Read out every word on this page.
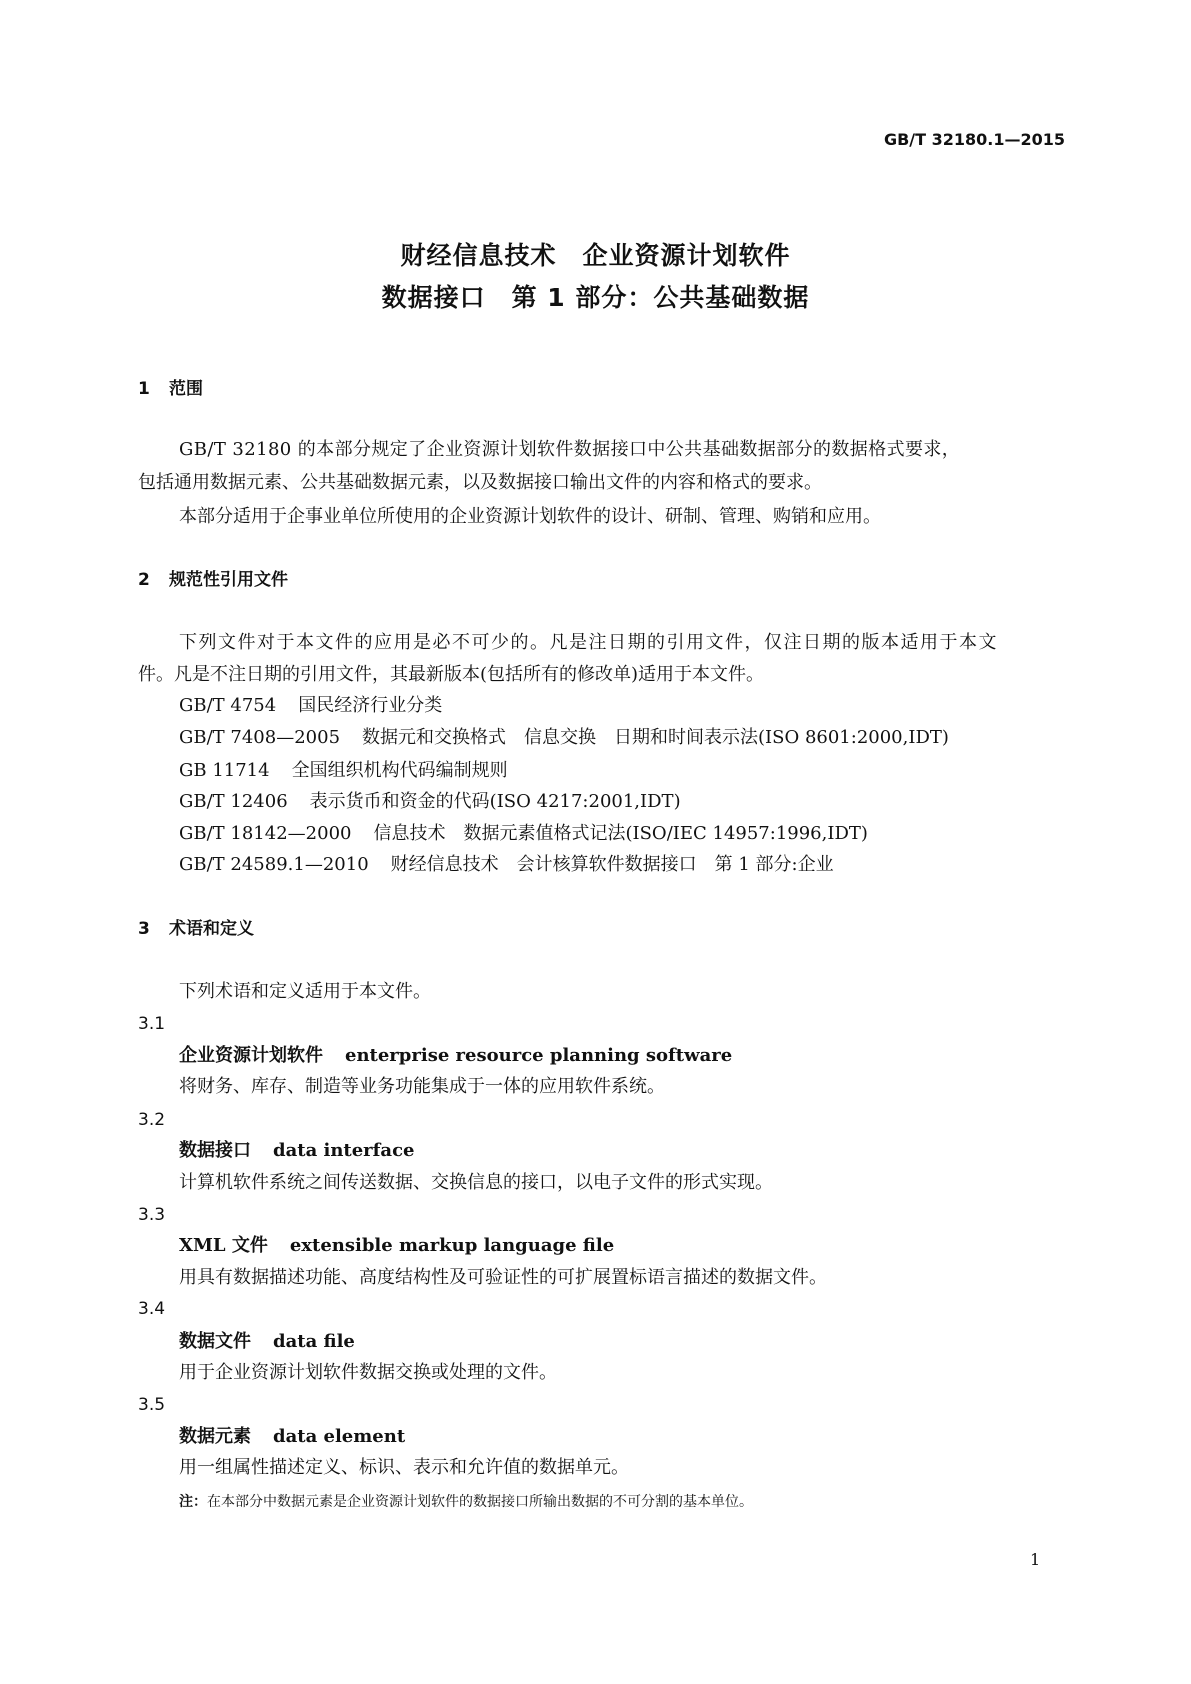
GB/T 32180.1—2015
财经信息技术　企业资源计划软件
数据接口　第 1 部分：公共基础数据
1 范围
GB/T 32180 的本部分规定了企业资源计划软件数据接口中公共基础数据部分的数据格式要求，
包括通用数据元素、公共基础数据元素，以及数据接口输出文件的内容和格式的要求。
本部分适用于企事业单位所使用的企业资源计划软件的设计、研制、管理、购销和应用。
2 规范性引用文件
下列文件对于本文件的应用是必不可少的。凡是注日期的引用文件，仅注日期的版本适用于本文
件。凡是不注日期的引用文件，其最新版本(包括所有的修改单)适用于本文件。
GB/T 4754 国民经济行业分类
GB/T 7408—2005 数据元和交换格式　信息交换　日期和时间表示法(ISO 8601:2000,IDT)
GB 11714 全国组织机构代码编制规则
GB/T 12406 表示货币和资金的代码(ISO 4217:2001,IDT)
GB/T 18142—2000 信息技术　数据元素值格式记法(ISO/IEC 14957:1996,IDT)
GB/T 24589.1—2010 财经信息技术　会计核算软件数据接口　第 1 部分:企业
3 术语和定义
下列术语和定义适用于本文件。
3.1
企业资源计划软件 enterprise resource planning software
将财务、库存、制造等业务功能集成于一体的应用软件系统。
3.2
数据接口 data interface
计算机软件系统之间传送数据、交换信息的接口，以电子文件的形式实现。
3.3
XML 文件 extensible markup language file
用具有数据描述功能、高度结构性及可验证性的可扩展置标语言描述的数据文件。
3.4
数据文件 data file
用于企业资源计划软件数据交换或处理的文件。
3.5
数据元素 data element
用一组属性描述定义、标识、表示和允许值的数据单元。
注：在本部分中数据元素是企业资源计划软件的数据接口所输出数据的不可分割的基本单位。
1
